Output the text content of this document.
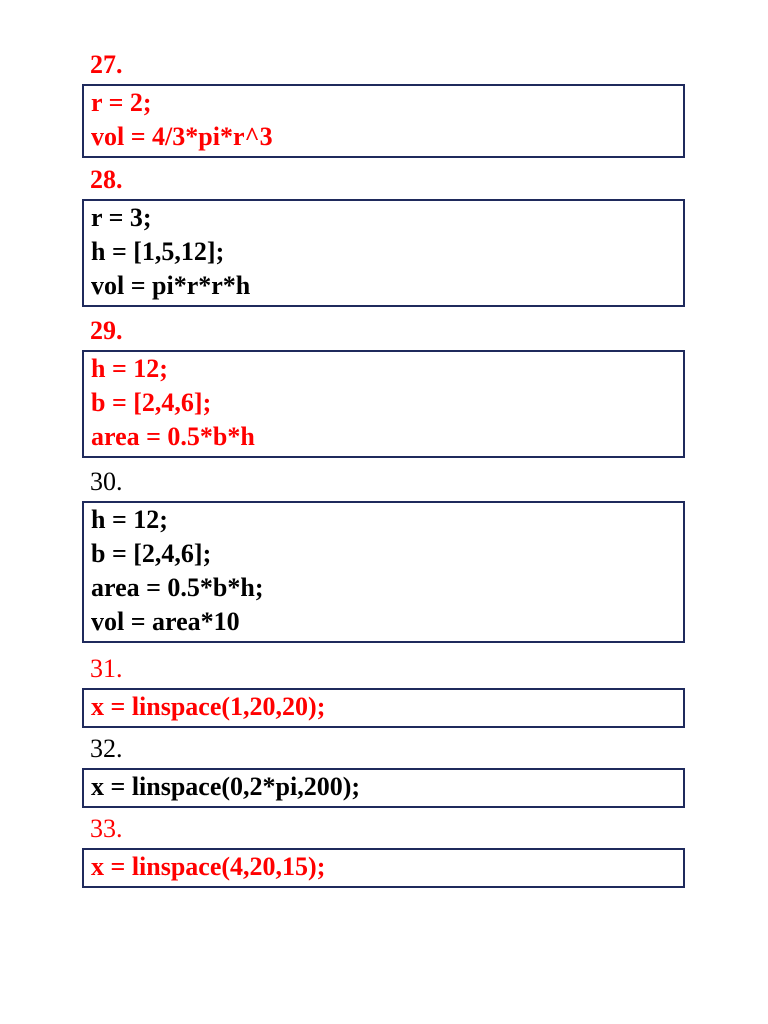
27.
r = 2;
vol = 4/3*pi*r^3
28.
r = 3;
h = [1,5,12];
vol = pi*r*r*h
29.
h = 12;
b = [2,4,6];
area = 0.5*b*h
30.
h = 12;
b = [2,4,6];
area = 0.5*b*h;
vol = area*10
31.
x = linspace(1,20,20);
32.
x = linspace(0,2*pi,200);
33.
x = linspace(4,20,15);
